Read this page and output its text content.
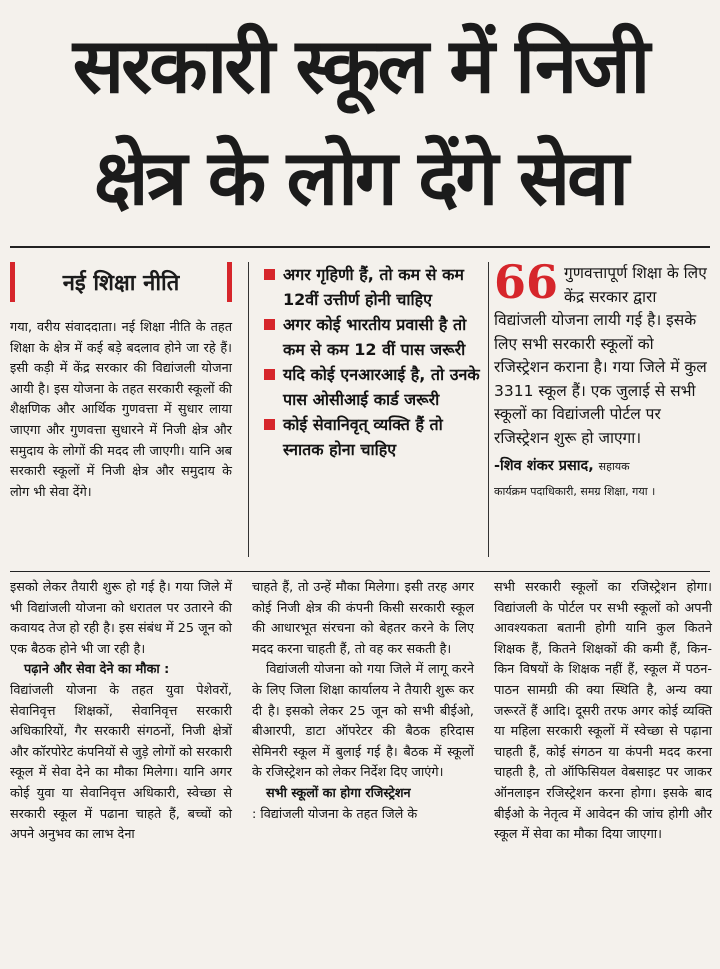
सरकारी स्कूल में निजी
क्षेत्र के लोग देंगे सेवा
नई शिक्षा नीति

गया, वरीय संवाददाता। नई शिक्षा नीति के तहत शिक्षा के क्षेत्र में कई बड़े बदलाव होने जा रहे हैं। इसी कड़ी में केंद्र सरकार की विद्यांजली योजना आयी है। इस योजना के तहत सरकारी स्कूलों की शैक्षणिक और आर्थिक गुणवत्ता में सुधार लाया जाएगा और गुणवत्ता सुधारने में निजी क्षेत्र और समुदाय के लोगों की मदद ली जाएगी। यानि अब सरकारी स्कूलों में निजी क्षेत्र और समुदाय के लोग भी सेवा देंगे।

अगर गृहिणी हैं, तो कम से कम 12वीं उत्तीर्ण होनी चाहिए
अगर कोई भारतीय प्रवासी है तो कम से कम 12 वीं पास जरूरी
यदि कोई एनआरआई है, तो उनके पास ओसीआई कार्ड जरूरी
कोई सेवानिवृत् व्यक्ति हैं तो स्नातक होना चाहिए
66 गुणवत्तापूर्ण शिक्षा के लिए केंद्र सरकार द्वारा विद्यांजली योजना लायी गई है। इसके लिए सभी सरकारी स्कूलों को रजिस्ट्रेशन कराना है। गया जिले में कुल 3311 स्कूल हैं। एक जुलाई से सभी स्कूलों का विद्यांजली पोर्टल पर रजिस्ट्रेशन शुरू हो जाएगा।
-शिव शंकर प्रसाद, सहायक
कार्यक्रम पदाधिकारी, समग्र शिक्षा, गया ।

इसको लेकर तैयारी शुरू हो गई है। गया जिले में भी विद्यांजली योजना को धरातल पर उतारने की कवायद तेज हो रही है। इस संबंध में 25 जून को एक बैठक होने भी जा रही है।

पढ़ाने और सेवा देने का मौका :

विद्यांजली योजना के तहत युवा पेशेवरों, सेवानिवृत्त शिक्षकों, सेवानिवृत्त सरकारी अधिकारियों, गैर सरकारी संगठनों, निजी क्षेत्रों और कॉरपोरेट कंपनियों से जुड़े लोगों को सरकारी स्कूल में सेवा देने का मौका मिलेगा। यानि अगर कोई युवा या सेवानिवृत्त अधिकारी, स्वेच्छा से सरकारी स्कूल में पढाना चाहते हैं, बच्चों को अपने अनुभव का लाभ देना

चाहते हैं, तो उन्हें मौका मिलेगा। इसी तरह अगर कोई निजी क्षेत्र की कंपनी किसी सरकारी स्कूल की आधारभूत संरचना को बेहतर करने के लिए मदद करना चाहती हैं, तो वह कर सकती है।

विद्यांजली योजना को गया जिले में लागू करने के लिए जिला शिक्षा कार्यालय ने तैयारी शुरू कर दी है। इसको लेकर 25 जून को सभी बीईओ, बीआरपी, डाटा ऑपरेटर की बैठक हरिदास सेमिनरी स्कूल में बुलाई गई है। बैठक में स्कूलों के रजिस्ट्रेशन को लेकर निर्देश दिए जाएंगे।

सभी स्कूलों का होगा रजिस्ट्रेशन

: विद्यांजली योजना के तहत जिले के

सभी सरकारी स्कूलों का रजिस्ट्रेशन होगा। विद्यांजली के पोर्टल पर सभी स्कूलों को अपनी आवश्यकता बतानी होगी यानि कुल कितने शिक्षक हैं, कितने शिक्षकों की कमी हैं, किन-किन विषयों के शिक्षक नहीं हैं, स्कूल में पठन-पाठन सामग्री की क्या स्थिति है, अन्य क्या जरूरतें हैं आदि। दूसरी तरफ अगर कोई व्यक्ति या महिला सरकारी स्कूलों में स्वेच्छा से पढ़ाना चाहती हैं, कोई संगठन या कंपनी मदद करना चाहती है, तो ऑफिसियल वेबसाइट पर जाकर ऑनलाइन रजिस्ट्रेशन करना होगा। इसके बाद बीईओ के नेतृत्व में आवेदन की जांच होगी और स्कूल में सेवा का मौका दिया जाएगा।
